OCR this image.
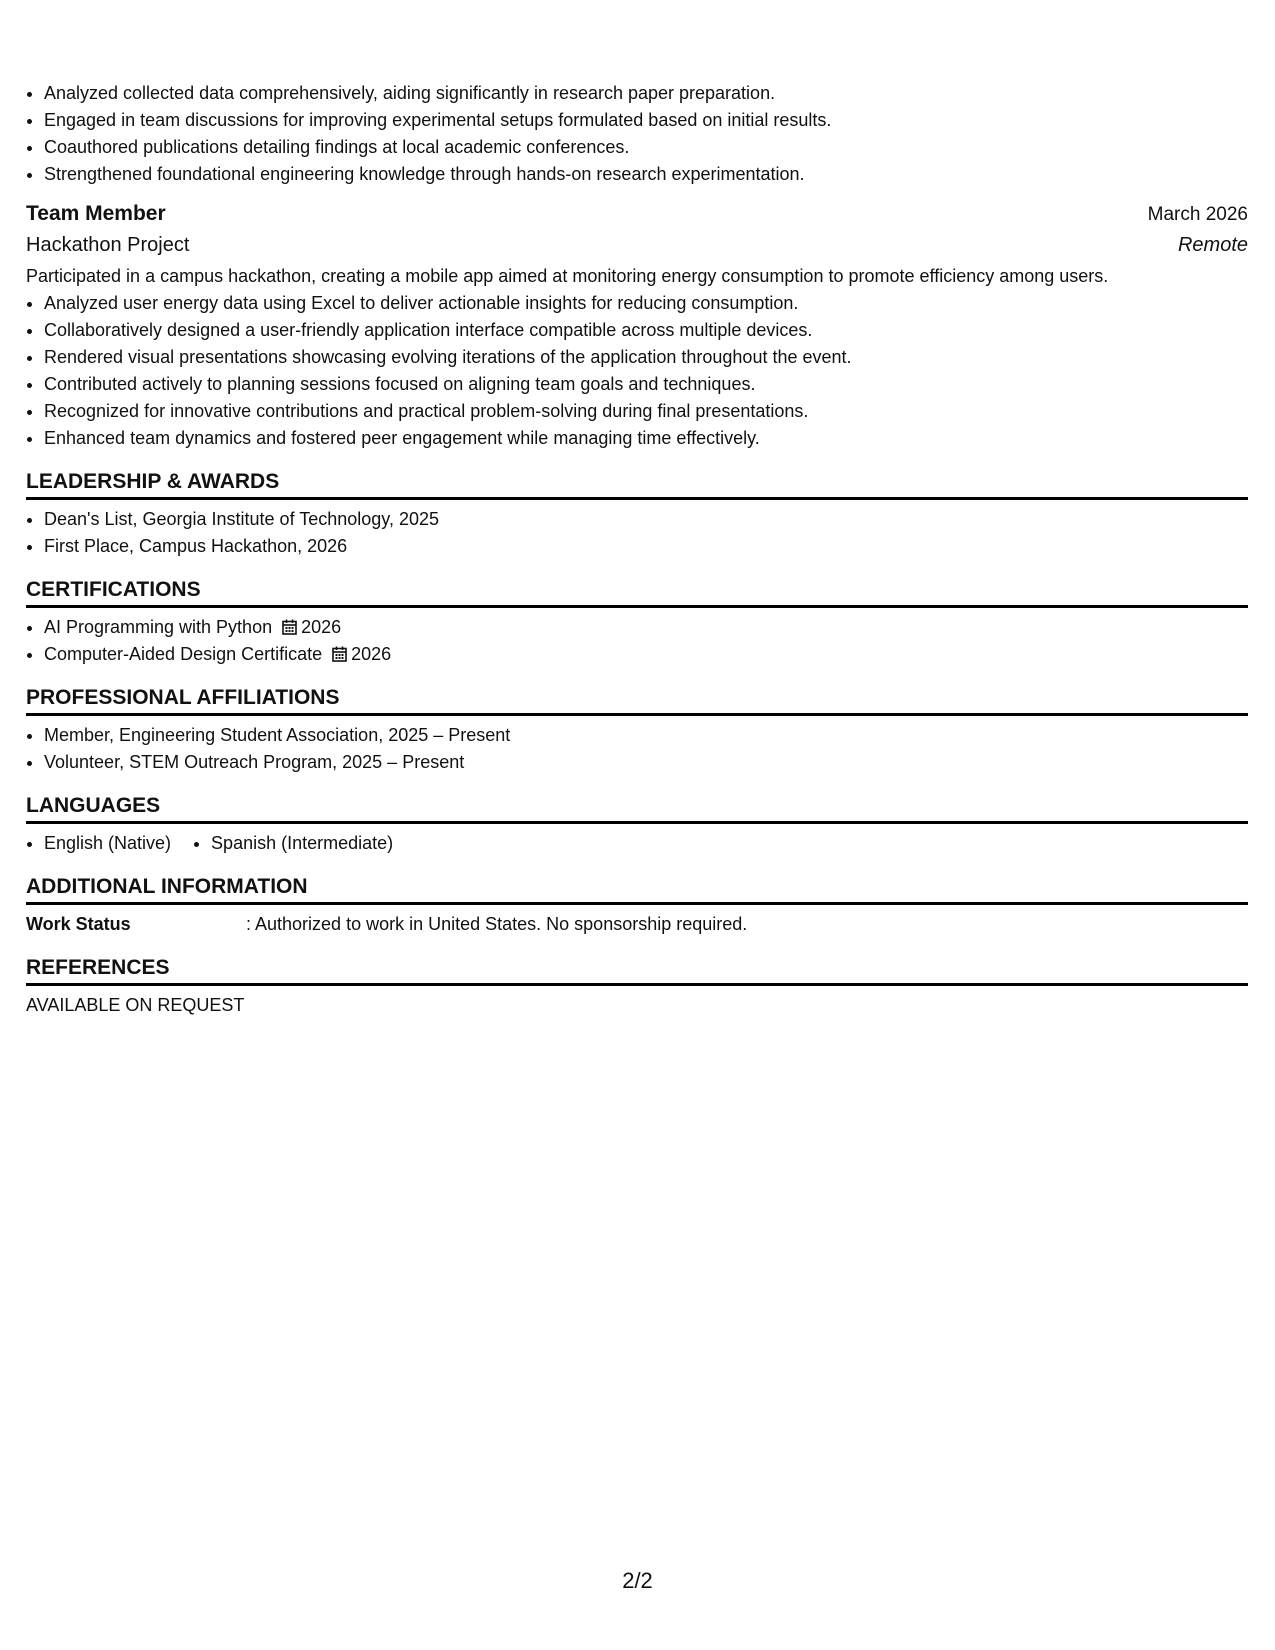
• Analyzed collected data comprehensively, aiding significantly in research paper preparation.
• Engaged in team discussions for improving experimental setups formulated based on initial results.
• Coauthored publications detailing findings at local academic conferences.
• Strengthened foundational engineering knowledge through hands-on research experimentation.
Team Member	March 2026
Hackathon Project	Remote
Participated in a campus hackathon, creating a mobile app aimed at monitoring energy consumption to promote efficiency among users.
• Analyzed user energy data using Excel to deliver actionable insights for reducing consumption.
• Collaboratively designed a user-friendly application interface compatible across multiple devices.
• Rendered visual presentations showcasing evolving iterations of the application throughout the event.
• Contributed actively to planning sessions focused on aligning team goals and techniques.
• Recognized for innovative contributions and practical problem-solving during final presentations.
• Enhanced team dynamics and fostered peer engagement while managing time effectively.
LEADERSHIP & AWARDS
• Dean's List, Georgia Institute of Technology, 2025
• First Place, Campus Hackathon, 2026
CERTIFICATIONS
• AI Programming with Python 2026
• Computer-Aided Design Certificate 2026
PROFESSIONAL AFFILIATIONS
• Member, Engineering Student Association, 2025 – Present
• Volunteer, STEM Outreach Program, 2025 – Present
LANGUAGES
• English (Native)
• Spanish (Intermediate)
ADDITIONAL INFORMATION
Work Status	: Authorized to work in United States. No sponsorship required.
REFERENCES
AVAILABLE ON REQUEST
2/2
